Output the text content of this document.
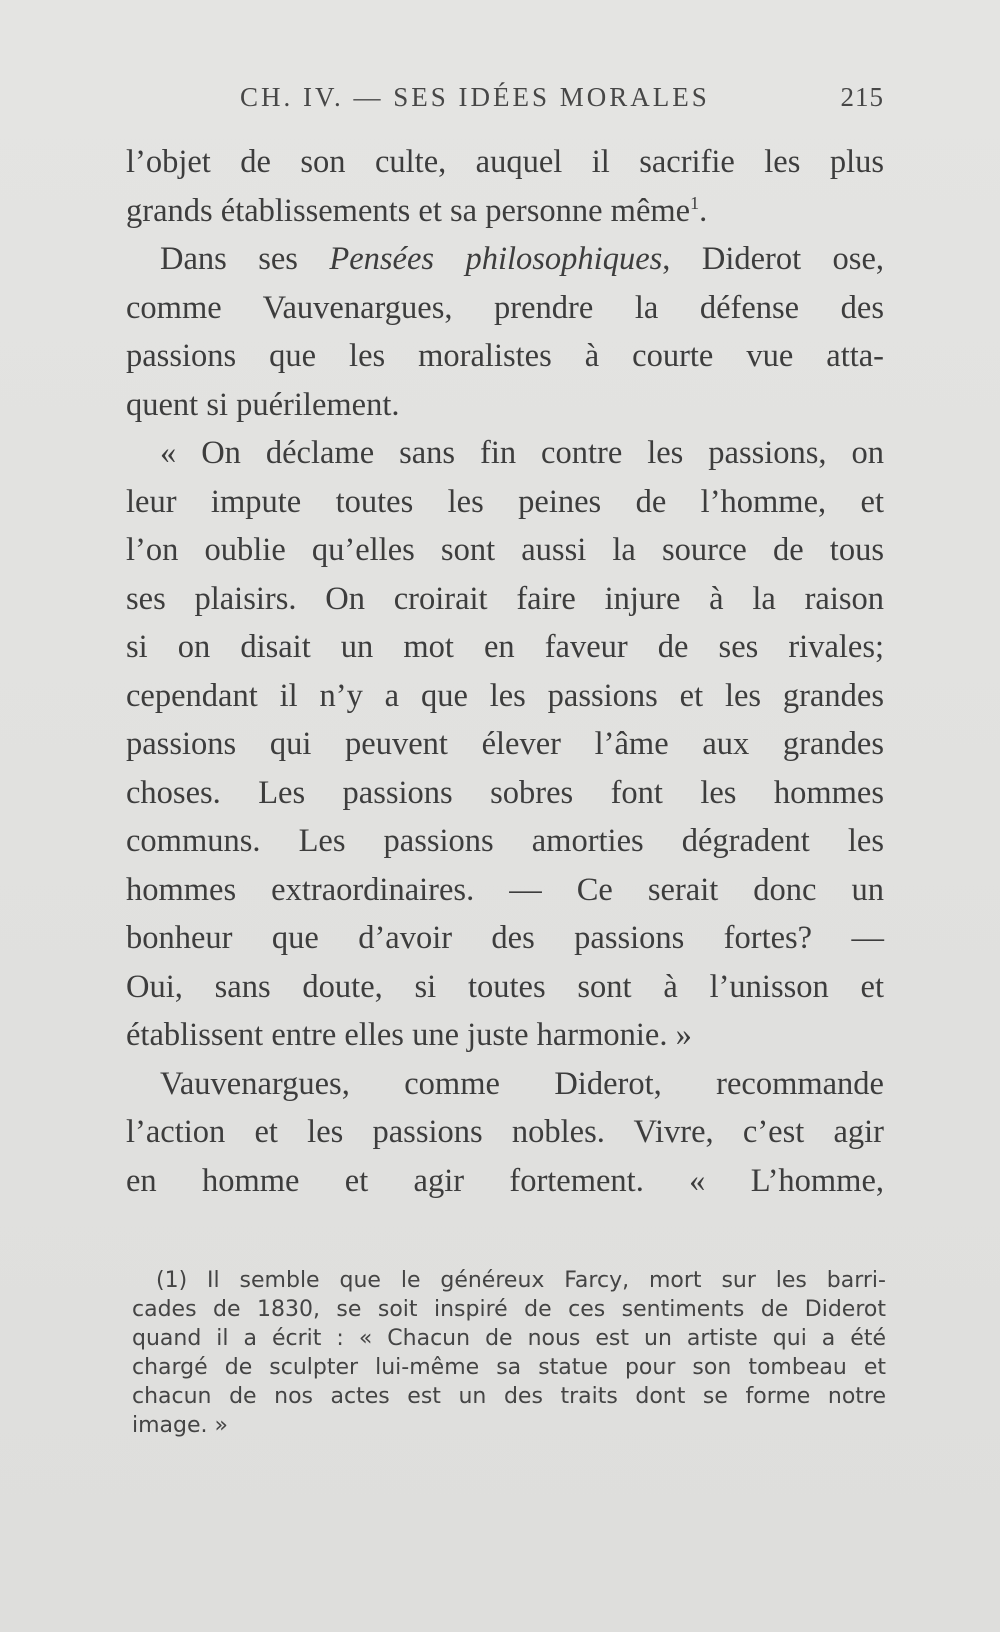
CH. IV. — SES IDÉES MORALES	215
l’objet de son culte, auquel il sacrifie les plus
grands établissements et sa personne même$^1$.
Dans ses Pensées philosophiques, Diderot ose,
comme Vauvenargues, prendre la défense des
passions que les moralistes à courte vue atta-
quent si puérilement.
« On déclame sans fin contre les passions, on
leur impute toutes les peines de l’homme, et
l’on oublie qu’elles sont aussi la source de tous
ses plaisirs. On croirait faire injure à la raison
si on disait un mot en faveur de ses rivales;
cependant il n’y a que les passions et les grandes
passions qui peuvent élever l’âme aux grandes
choses. Les passions sobres font les hommes
communs. Les passions amorties dégradent les
hommes extraordinaires. — Ce serait donc un
bonheur que d’avoir des passions fortes? —
Oui, sans doute, si toutes sont à l’unisson et
établissent entre elles une juste harmonie. »
Vauvenargues, comme Diderot, recommande
l’action et les passions nobles. Vivre, c’est agir
en homme et agir fortement. « L’homme,
(1) Il semble que le généreux Farcy, mort sur les barri-
cades de 1830, se soit inspiré de ces sentiments de Diderot
quand il a écrit : « Chacun de nous est un artiste qui a été
chargé de sculpter lui-même sa statue pour son tombeau et
chacun de nos actes est un des traits dont se forme notre
image. »
